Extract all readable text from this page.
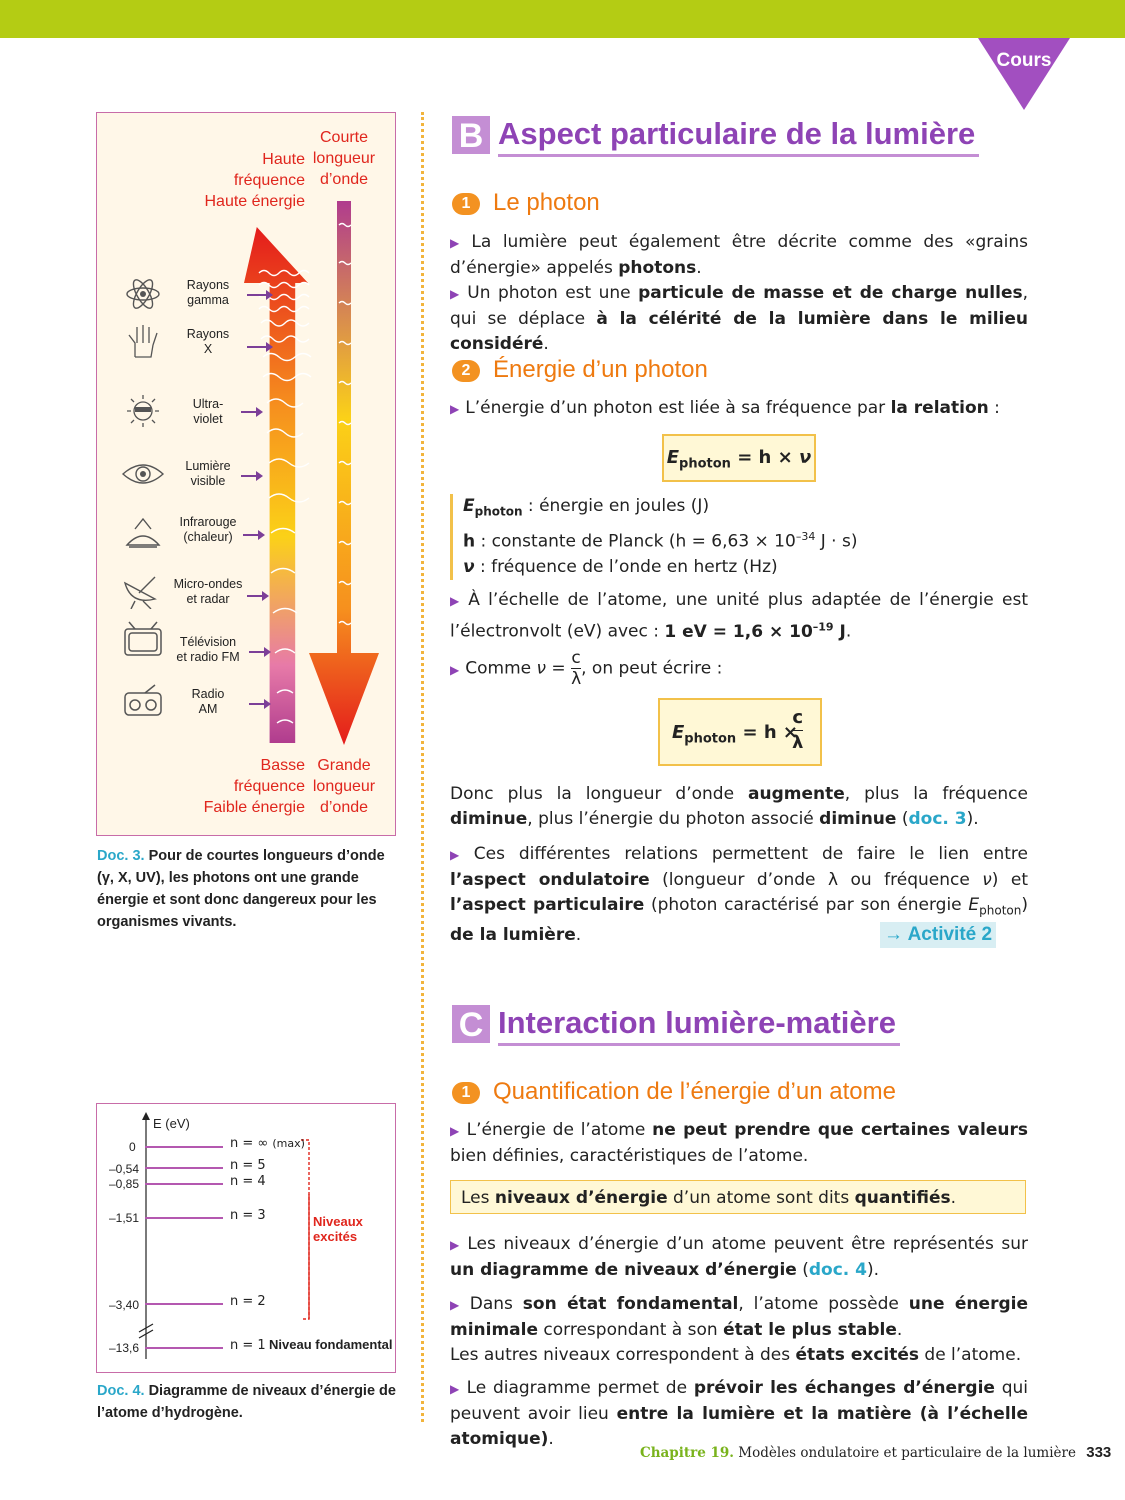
Cours
Haute fréquence
Haute énergie
Courte
longueur
d’onde
Basse fréquence
Faible énergie
Grande
longueur
d’onde
Rayons
gamma
Rayons
X
Ultra-
violet
Lumière
visible
Infrarouge
(chaleur)
Micro-ondes
et radar
Télévision
et radio FM
Radio
AM
Doc. 3. Pour de courtes longueurs d’onde (γ, X, UV), les photons ont une grande énergie et sont donc dangereux pour les organismes vivants.
E (eV)
0
–0,54
–0,85
–1,51
–3,40
–13,6
n = ∞ (max)
n = 5
n = 4
n = 3
n = 2
n = 1
Niveaux
excités
Niveau fondamental
Doc. 4. Diagramme de niveaux d’énergie de l’atome d’hydrogène.
B Aspect particulaire de la lumière
1 Le photon
▶ La lumière peut également être décrite comme des «grains d’énergie» appelés photons.
▶ Un photon est une particule de masse et de charge nulles, qui se déplace à la célérité de la lumière dans le milieu considéré.
2 Énergie d’un photon
▶ L’énergie d’un photon est liée à sa fréquence par la relation :
$E_{photon} = h \times \nu$
$E_{photon}$ : énergie en joules (J)
h : constante de Planck ($h = 6,63 \times 10^{-34}$ J · s)
ν : fréquence de l’onde en hertz (Hz)
▶ À l’échelle de l’atome, une unité plus adaptée de l’énergie est l’électronvolt (eV) avec : 1 eV = $1,6 \times 10^{-19}$ J.
▶ Comme $\nu = \frac{c}{\lambda}$ , on peut écrire :
$E_{photon} = h$ ×
c
λ
Donc plus la longueur d’onde augmente, plus la fréquence diminue, plus l’énergie du photon associé diminue (doc. 3).
▶ Ces différentes relations permettent de faire le lien entre l’aspect ondulatoire (longueur d’onde λ ou fréquence ν) et l’aspect particulaire (photon caractérisé par son énergie $E_{photon}$) de la lumière.	→ Activité 2
C Interaction lumière-matière
1 Quantification de l’énergie d’un atome
▶ L’énergie de l’atome ne peut prendre que certaines valeurs bien définies, caractéristiques de l’atome.
Les niveaux d’énergie d’un atome sont dits quantifiés.
▶ Les niveaux d’énergie d’un atome peuvent être représentés sur un diagramme de niveaux d’énergie (doc. 4).
▶ Dans son état fondamental, l’atome possède une énergie minimale correspondant à son état le plus stable.
Les autres niveaux correspondent à des états excités de l’atome.
▶ Le diagramme permet de prévoir les échanges d’énergie qui peuvent avoir lieu entre la lumière et la matière (à l’échelle atomique).
Chapitre 19. Modèles ondulatoire et particulaire de la lumière 333
